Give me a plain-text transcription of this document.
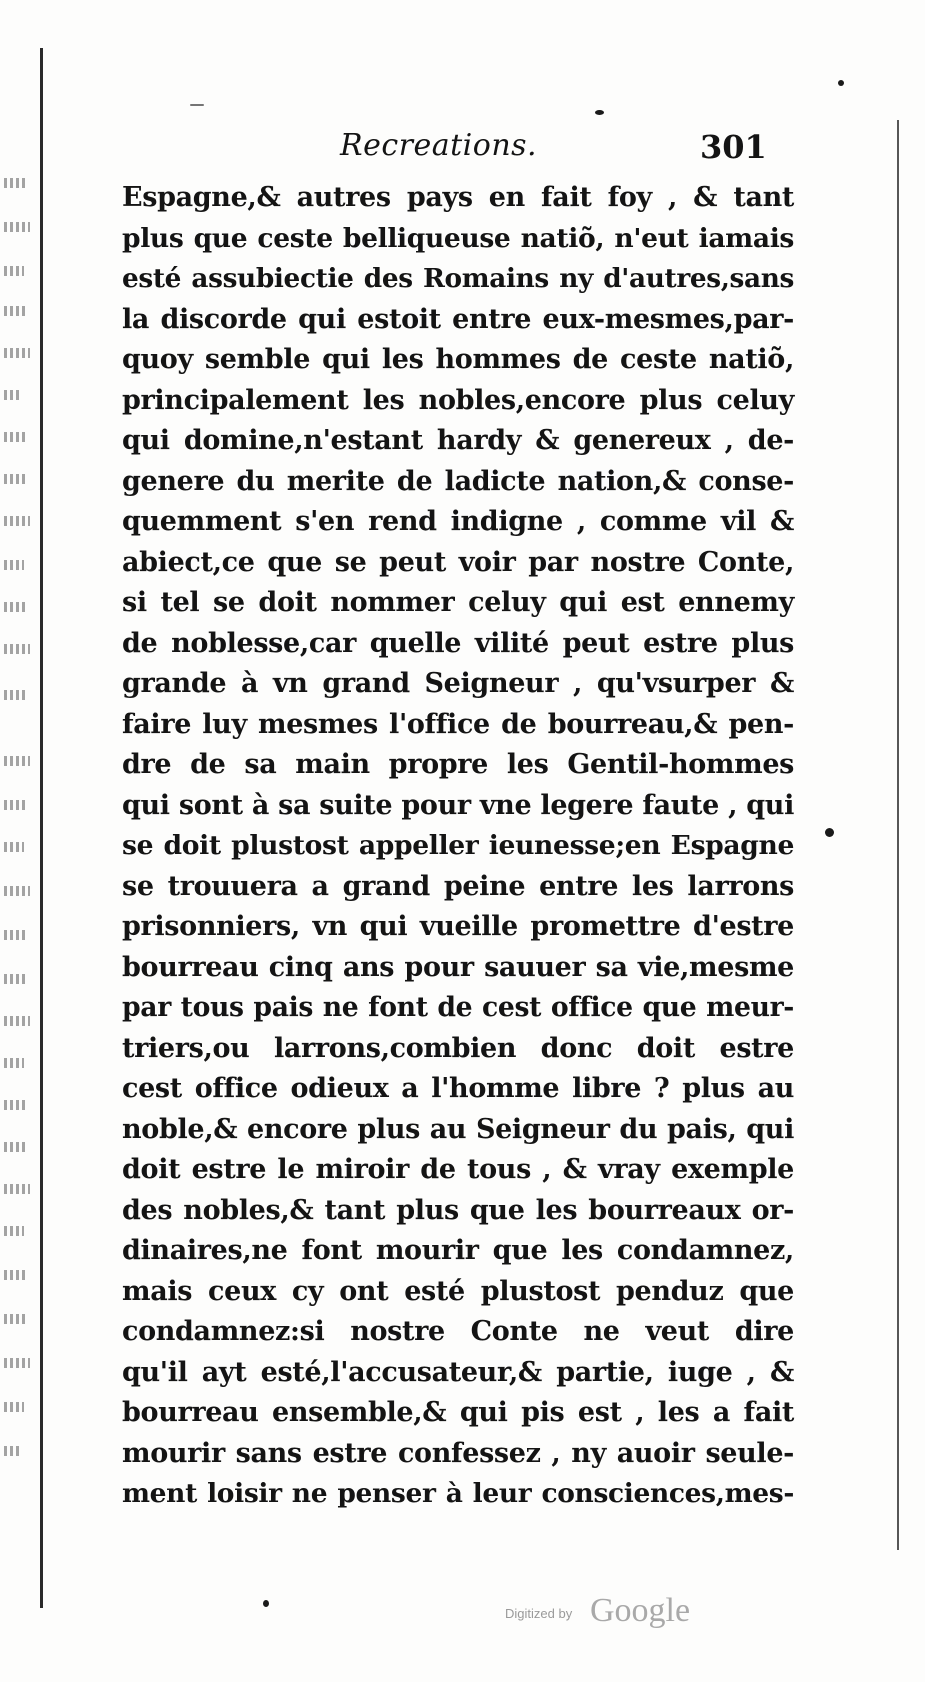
Recreations.	301
Espagne,& autres pays en fait foy , & tant
plus que ceste belliqueuse natiõ, n'eut iamais
esté assubiectie des Romains ny d'autres,sans
la discorde qui estoit entre eux-mesmes,par-
quoy semble qui les hommes de ceste natiõ,
principalement les nobles,encore plus celuy
qui domine,n'estant hardy & genereux , de-
genere du merite de ladicte nation,& conse-
quemment s'en rend indigne , comme vil &
abiect,ce que se peut voir par nostre Conte,
si tel se doit nommer celuy qui est ennemy
de noblesse,car quelle vilité peut estre plus
grande à vn grand Seigneur , qu'vsurper &
faire luy mesmes l'office de bourreau,& pen-
dre de sa main propre les Gentil-hommes
qui sont à sa suite pour vne legere faute , qui
se doit plustost appeller ieunesse;en Espagne
se trouuera a grand peine entre les larrons
prisonniers, vn qui vueille promettre d'estre
bourreau cinq ans pour sauuer sa vie,mesme
par tous pais ne font de cest office que meur-
triers,ou larrons,combien donc doit estre
cest office odieux a l'homme libre ? plus au
noble,& encore plus au Seigneur du pais, qui
doit estre le miroir de tous , & vray exemple
des nobles,& tant plus que les bourreaux or-
dinaires,ne font mourir que les condamnez,
mais ceux cy ont esté plustost penduz que
condamnez:si nostre Conte ne veut dire
qu'il ayt esté,l'accusateur,& partie, iuge , &
bourreau ensemble,& qui pis est , les a fait
mourir sans estre confessez , ny auoir seule-
ment loisir ne penser à leur consciences,mes-
Digitized by Google
